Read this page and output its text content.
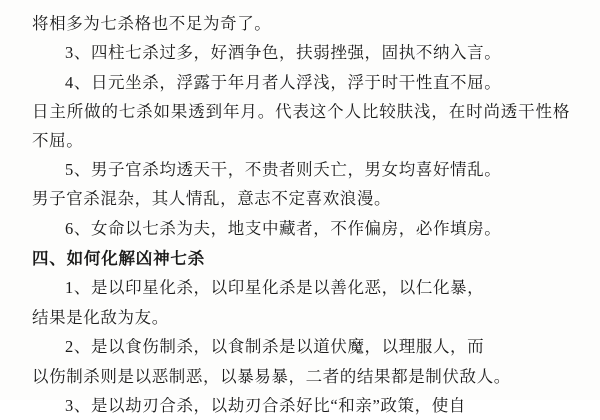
将相多为七杀格也不足为奇了。

3、四柱七杀过多，好酒争色，扶弱挫强，固执不纳入言。

4、日元坐杀，浮露于年月者人浮浅，浮于时干性直不屈。

日主所做的七杀如果透到年月。代表这个人比较肤浅，在时尚透干性格不屈。

5、男子官杀均透天干，不贵者则夭亡，男女均喜好情乱。

男子官杀混杂，其人情乱，意志不定喜欢浪漫。

6、女命以七杀为夫，地支中藏者，不作偏房，必作填房。

四、如何化解凶神七杀

1、是以印星化杀，以印星化杀是以善化恶，以仁化暴，

结果是化敌为友。

2、是以食伤制杀，以食制杀是以道伏魔，以理服人，而

以伤制杀则是以恶制恶，以暴易暴，二者的结果都是制伏敌人。

3、是以劫刃合杀，以劫刃合杀好比“和亲”政策，使自
